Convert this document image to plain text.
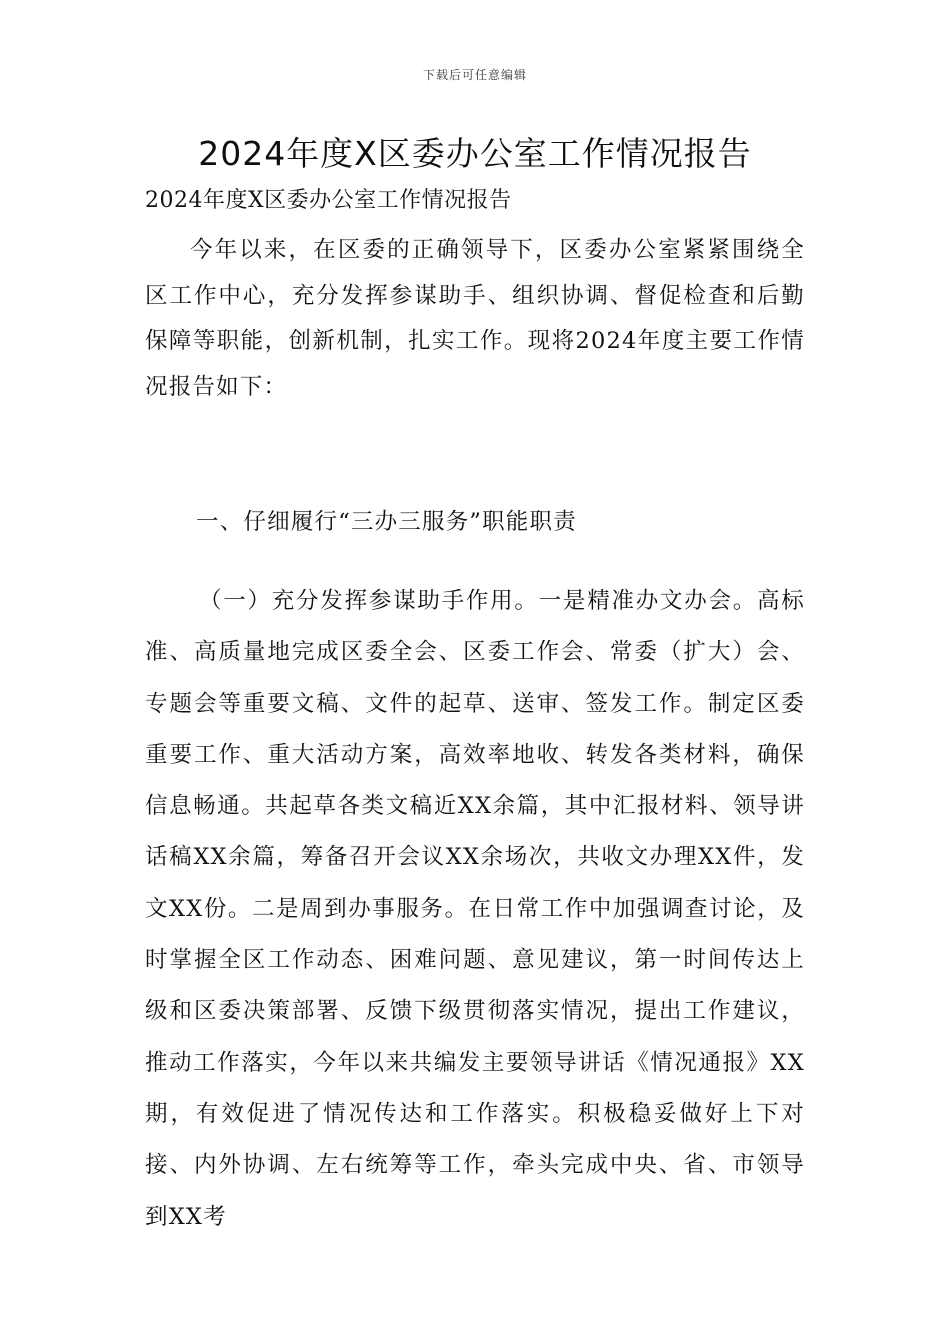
下载后可任意编辑
2024年度X区委办公室工作情况报告

2024年度X区委办公室工作情况报告

今年以来，在区委的正确领导下，区委办公室紧紧围绕全区工作中心，充分发挥参谋助手、组织协调、督促检查和后勤保障等职能，创新机制，扎实工作。现将2024年度主要工作情况报告如下：

一、仔细履行“三办三服务”职能职责

（一）充分发挥参谋助手作用。一是精准办文办会。高标准、高质量地完成区委全会、区委工作会、常委（扩大）会、专题会等重要文稿、文件的起草、送审、签发工作。制定区委重要工作、重大活动方案，高效率地收、转发各类材料，确保信息畅通。共起草各类文稿近XX余篇，其中汇报材料、领导讲话稿XX余篇，筹备召开会议XX余场次，共收文办理XX件，发文XX份。二是周到办事服务。在日常工作中加强调查讨论，及时掌握全区工作动态、困难问题、意见建议，第一时间传达上级和区委决策部署、反馈下级贯彻落实情况，提出工作建议，推动工作落实，今年以来共编发主要领导讲话《情况通报》XX期，有效促进了情况传达和工作落实。积极稳妥做好上下对接、内外协调、左右统筹等工作，牵头完成中央、省、市领导到XX考
